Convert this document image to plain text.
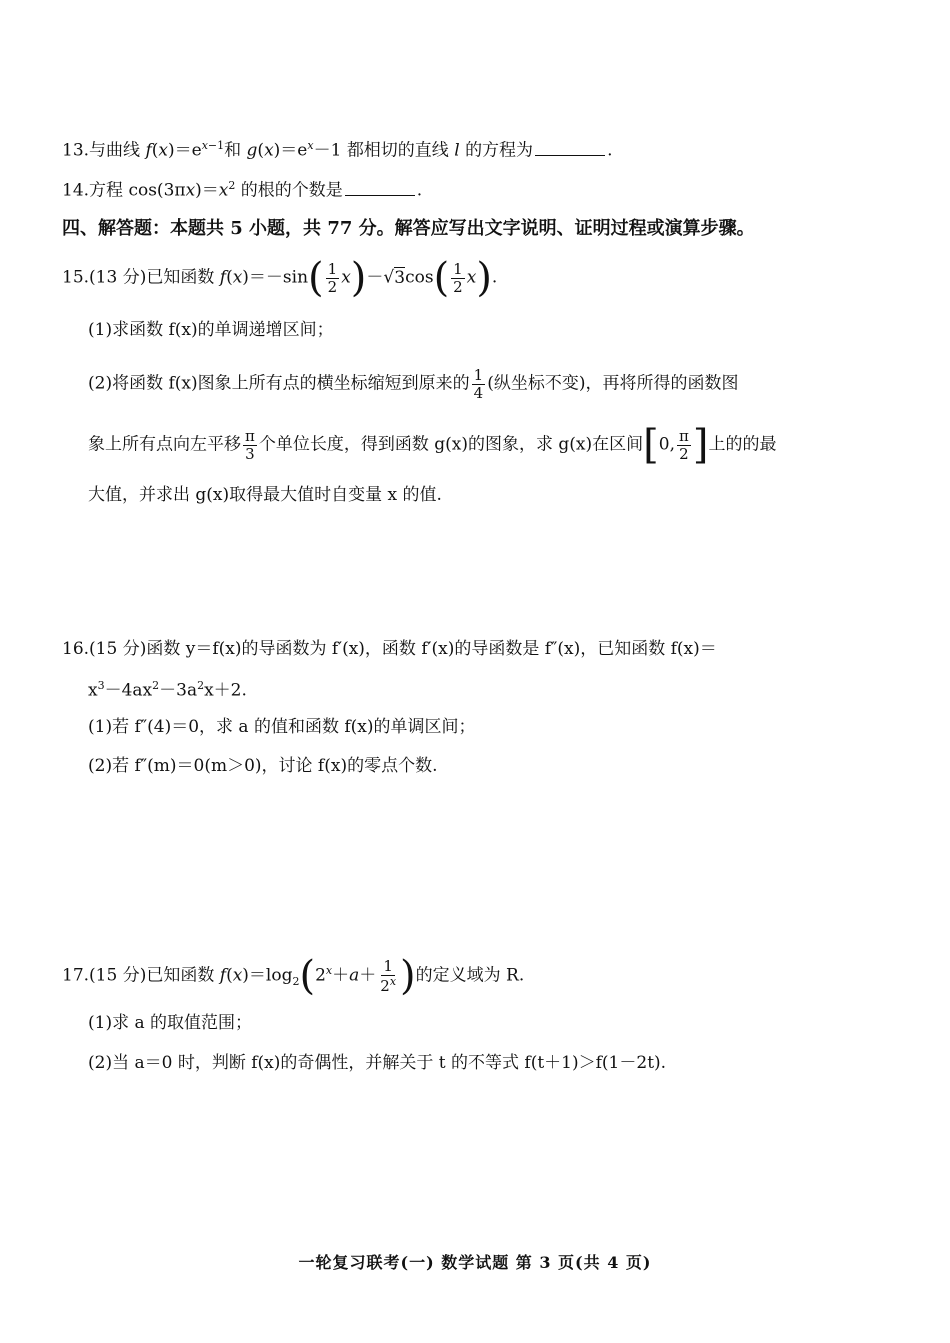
13.与曲线 $f(x)=e^{x-1}$和 $g(x)=e^x-1$ 都相切的直线 l 的方程为	.
14.方程 $\cos(3\pi x)=x^2$ 的根的个数是	.
四、解答题：本题共 5 小题，共 77 分。解答应写出文字说明、证明过程或演算步骤。
15.(13 分)已知函数 $f(x)=-\sin( \frac{1}{2} x)-√3\cos( \frac{1}{2} x)$.
(1)求函数 f(x)的单调递增区间；
(2)将函数 f(x)图象上所有点的横坐标缩短到原来的 $\frac{1}{4}$ (纵坐标不变)，再将所得的函数图
象上所有点向左平移 $\frac{\pi}{3}$ 个单位长度，得到函数 g(x)的图象，求 g(x)在区间[0, $\frac{\pi}{2}$ ]上的的最
大值，并求出 g(x)取得最大值时自变量 x 的值.
16.(15 分)函数 y＝f(x)的导函数为 f′(x)，函数 f′(x)的导函数是 f″(x)，已知函数 f(x)＝
$x^3-4ax^2-3a^2x+2$.
(1)若 f″(4)＝0，求 a 的值和函数 f(x)的单调区间；
(2)若 f″(m)＝0(m＞0)，讨论 f(x)的零点个数.
17.(15 分)已知函数 $f(x)=\log_2(2^x+a+ \frac{1}{2^x}$ )的定义域为 R.
(1)求 a 的取值范围；
(2)当 a＝0 时，判断 f(x)的奇偶性，并解关于 t 的不等式 f(t＋1)＞f(1－2t).
一轮复习联考(一) 数学试题 第 3 页(共 4 页)
